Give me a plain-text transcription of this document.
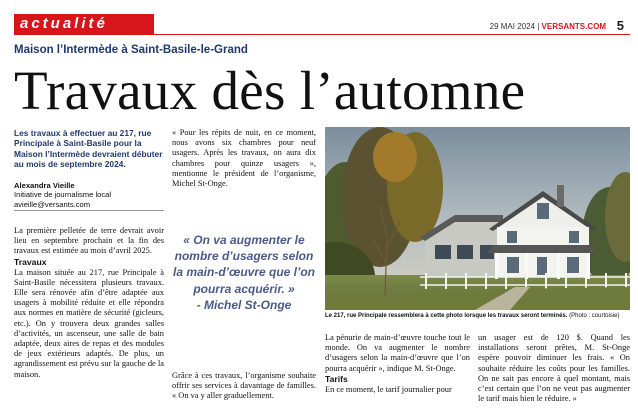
actualité	29 MAI 2024 | VERSANTS.COM 5
Maison l’Intermède à Saint-Basile-le-Grand
Travaux dès l’automne
Les travaux à effectuer au 217, rue Principale à Saint-Basile pour la Maison l’Intermède devraient débuter au mois de septembre 2024.
Alexandra Vieille
Initiative de journalisme local
avieille@versants.com

La première pelletée de terre devrait avoir lieu en septembre prochain et la fin des travaux est estimée au mois d’avril 2025.

Travaux

La maison située au 217, rue Principale à Saint-Basile nécessitera plusieurs travaux. Elle sera rénovée afin d’être adaptée aux usagers à mobilité réduite et elle répondra aux normes en matière de sécurité (gicleurs, etc.). On y trouvera deux grandes salles d’activités, un ascenseur, une salle de bain adaptée, deux aires de repas et des modules de jeux extérieurs adaptés. De plus, un agrandissement est prévu sur la gauche de la maison.

« Pour les répits de nuit, en ce moment, nous avons six chambres pour neuf usagers. Après les travaux, on aura dix chambres pour quinze usagers », mentionne le président de l’organisme, Michel St-Onge.

« On va augmenter le nombre d’usagers selon la main-d’œuvre que l’on pourra acquérir. »
- Michel St-Onge

Grâce à ces travaux, l’organisme souhaite offrir ses services à davantage de familles. « On va y aller graduellement.

Le 217, rue Principale ressemblera à cette photo lorsque les travaux seront terminés. (Photo : courtoisie)

La pénurie de main-d’œuvre touche tout le monde. On va augmenter le nombre d’usagers selon la main-d’œuvre que l’on pourra acquérir », indique M. St-Onge.

Tarifs

En ce moment, le tarif journalier pour

un usager est de 120 $. Quand les installations seront prêtes, M. St-Onge espère pouvoir diminuer les frais. « On souhaite réduire les coûts pour les familles. On ne sait pas encore à quel montant, mais c’est certain que l’on ne veut pas augmenter le tarif mais bien le réduire. »
